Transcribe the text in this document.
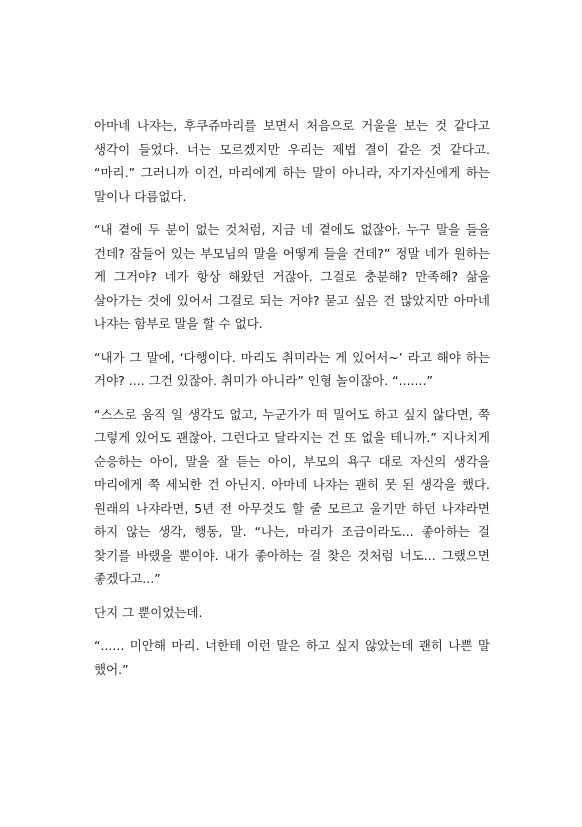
아마네 나쟈는, 후쿠쥬마리를 보면서 처음으로 거울을 보는 것 같다고 생각이 들었다. 너는 모르겠지만 우리는 제법 결이 같은 것 같다고. “마리.” 그러니까 이건, 마리에게 하는 말이 아니라, 자기자신에게 하는 말이나 다름없다.

“내 곁에 두 분이 없는 것처럼, 지금 네 곁에도 없잖아. 누구 말을 들을 건데? 잠들어 있는 부모님의 말을 어떻게 들을 건데?” 정말 네가 원하는 게 그거야? 네가 항상 해왔던 거잖아. 그걸로 충분해? 만족해? 삶을 살아가는 것에 있어서 그걸로 되는 거야? 묻고 싶은 건 많았지만 아마네 나쟈는 함부로 말을 할 수 없다.

“내가 그 말에, ‘다행이다. 마리도 취미라는 게 있어서~’ 라고 해야 하는 거야? .... 그건 있잖아. 취미가 아니라” 인형 놀이잖아. “.......”

“스스로 움직 일 생각도 없고, 누군가가 떠 밀어도 하고 싶지 않다면, 쭉 그렇게 있어도 괜찮아. 그런다고 달라지는 건 또 없을 테니까.” 지나치게 순응하는 아이, 말을 잘 듣는 아이, 부모의 욕구 대로 자신의 생각을 마리에게 쭉 세뇌한 건 아닌지. 아마네 나쟈는 괜히 못 된 생각을 했다. 원래의 나쟈라면, 5년 전 아무것도 할 줄 모르고 울기만 하던 나쟈라면 하지 않는 생각, 행동, 말. “나는, 마리가 조금이라도... 좋아하는 걸 찾기를 바랬을 뿐이야. 내가 좋아하는 걸 찾은 것처럼 너도... 그랬으면 좋겠다고...”

단지 그 뿐이었는데.

“...... 미안해 마리. 너한테 이런 말은 하고 싶지 않았는데 괜히 나쁜 말 했어.”
